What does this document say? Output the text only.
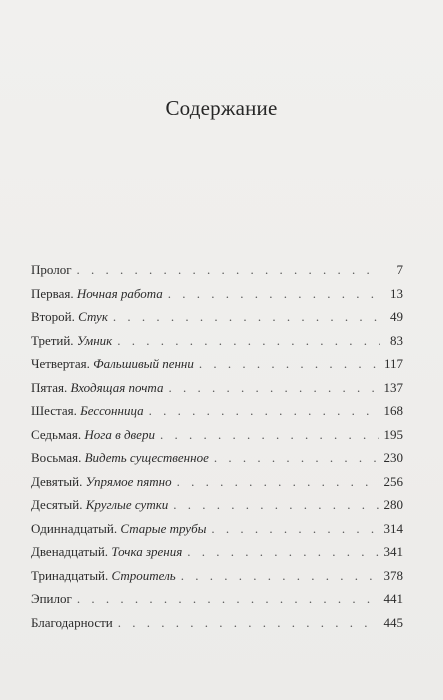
Содержание
Пролог . . .	7
Первая. Ночная работа . . .	13
Второй. Стук . . .	49
Третий. Умник . . .	83
Четвертая. Фальшивый пенни . . .	117
Пятая. Входящая почта . . .	137
Шестая. Бессонница . . .	168
Седьмая. Нога в двери . . .	195
Восьмая. Видеть существенное . . .	230
Девятый. Упрямое пятно . . .	256
Десятый. Круглые сутки . . .	280
Одиннадцатый. Старые трубы . . .	314
Двенадцатый. Точка зрения . . .	341
Тринадцатый. Строитель . . .	378
Эпилог . . .	441
Благодарности . . .	445
